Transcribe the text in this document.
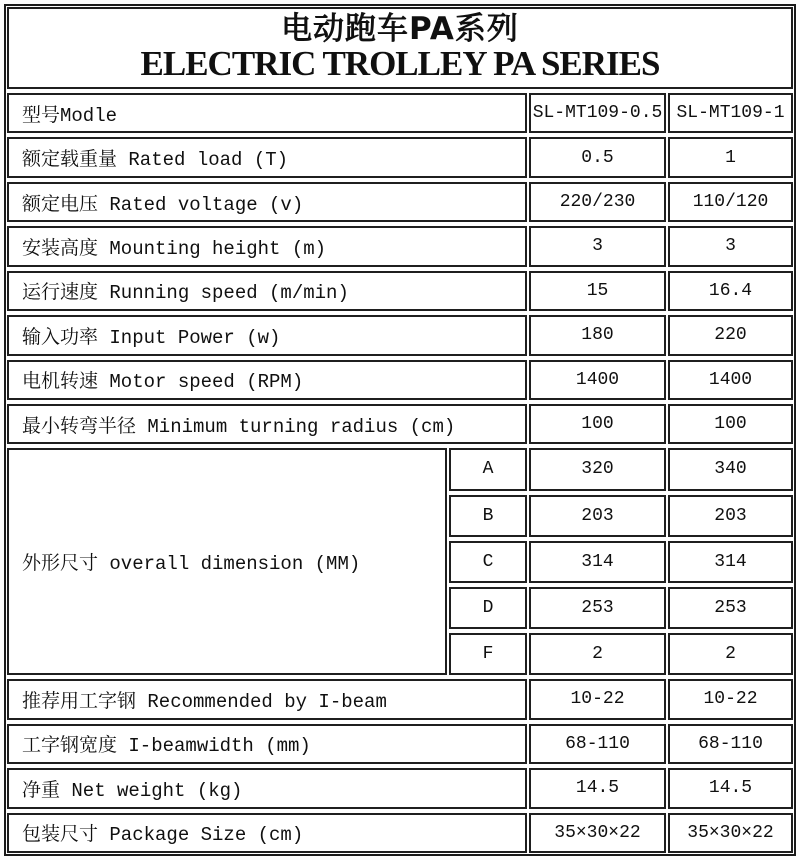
电动跑车PA系列
ELECTRIC TROLLEY PA SERIES
型号Modle	SL-MT109-0.5 SL-MT109-1
额定载重量 Rated load (T)	0.5	1
额定电压 Rated voltage (v)	220/230	110/120
安装高度 Mounting height (m)	3	3
运行速度 Running speed (m/min)	15	16.4
输入功率 Input Power (w)	180	220
电机转速 Motor speed (RPM)	1400	1400
最小转弯半径 Minimum turning radius (cm)	100	100
外形尺寸 overall dimension (MM)
A	320	340
B	203	203
C	314	314
D	253	253
F	2	2
推荐用工字钢 Recommended by I-beam	10-22	10-22
工字钢宽度 I-beamwidth (mm)	68-110	68-110
净重 Net weight (kg)	14.5	14.5
包装尺寸 Package Size (cm)	35×30×22	35×30×22
